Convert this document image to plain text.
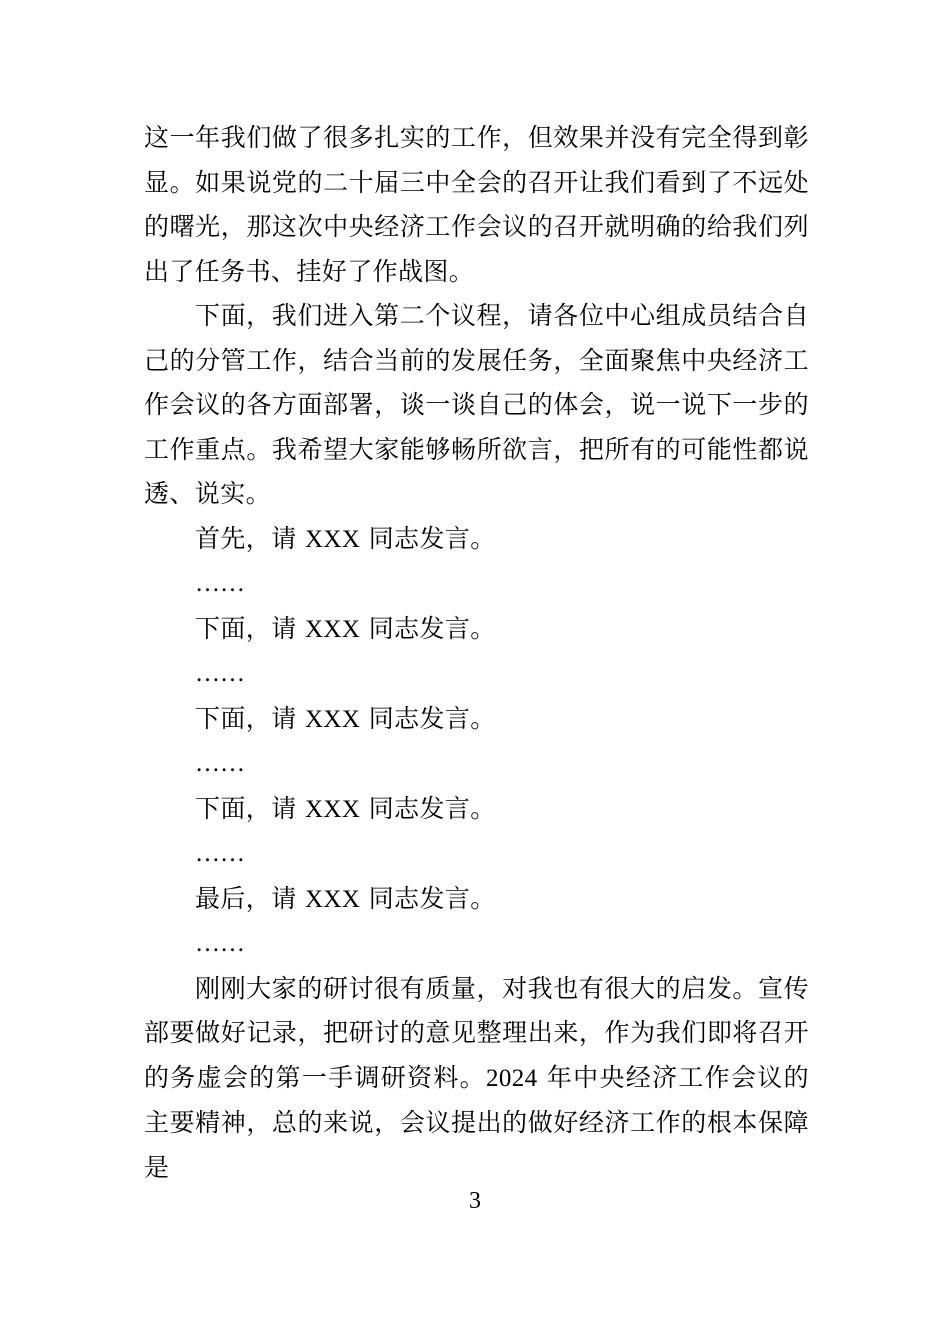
这一年我们做了很多扎实的工作，但效果并没有完全得到彰显。如果说党的二十届三中全会的召开让我们看到了不远处的曙光，那这次中央经济工作会议的召开就明确的给我们列出了任务书、挂好了作战图。

下面，我们进入第二个议程，请各位中心组成员结合自己的分管工作，结合当前的发展任务，全面聚焦中央经济工作会议的各方面部署，谈一谈自己的体会，说一说下一步的工作重点。我希望大家能够畅所欲言，把所有的可能性都说透、说实。

首先，请 XXX 同志发言。

……

下面，请 XXX 同志发言。

……

下面，请 XXX 同志发言。

……

下面，请 XXX 同志发言。

……

最后，请 XXX 同志发言。

……

刚刚大家的研讨很有质量，对我也有很大的启发。宣传部要做好记录，把研讨的意见整理出来，作为我们即将召开的务虚会的第一手调研资料。2024 年中央经济工作会议的主要精神，总的来说，会议提出的做好经济工作的根本保障是

3
